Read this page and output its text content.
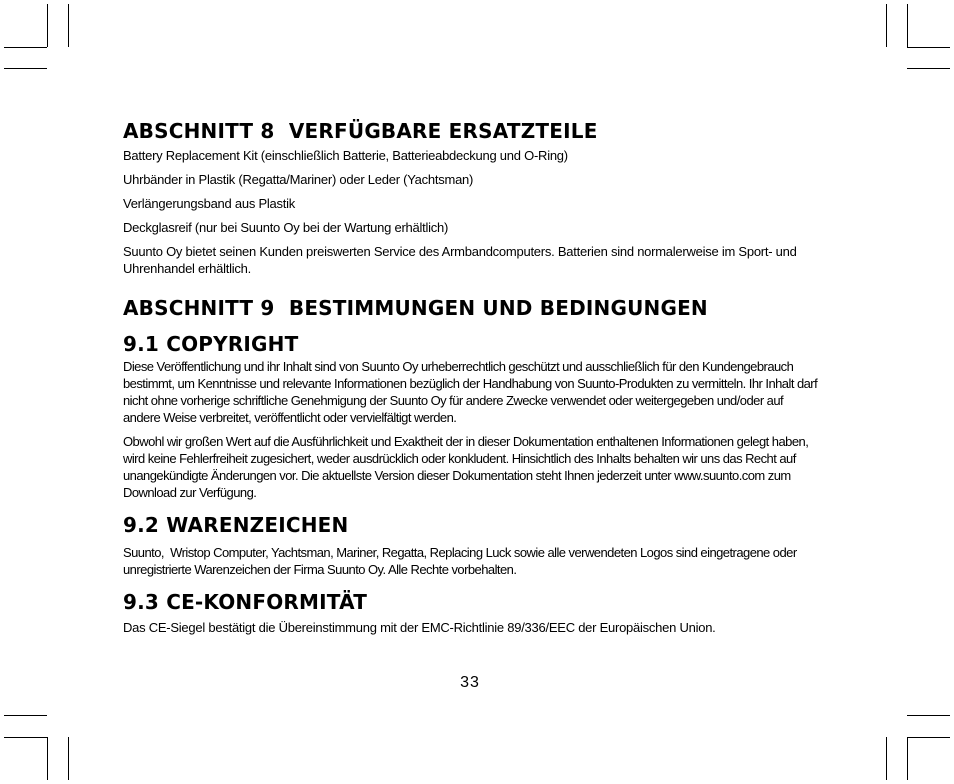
ABSCHNITT 8  VERFÜGBARE ERSATZTEILE

Battery Replacement Kit (einschließlich Batterie, Batterieabdeckung und O-Ring)

Uhrbänder in Plastik (Regatta/Mariner) oder Leder (Yachtsman)

Verlängerungsband aus Plastik

Deckglasreif (nur bei Suunto Oy bei der Wartung erhältlich)

Suunto Oy bietet seinen Kunden preiswerten Service des Armbandcomputers. Batterien sind normalerweise im Sport- und Uhrenhandel erhältlich.

ABSCHNITT 9  BESTIMMUNGEN UND BEDINGUNGEN
9.1 COPYRIGHT

Diese Veröffentlichung und ihr Inhalt sind von Suunto Oy urheberrechtlich geschützt und ausschließlich für den Kundengebrauch bestimmt, um Kenntnisse und relevante Informationen bezüglich der Handhabung von Suunto-Produkten zu vermitteln. Ihr Inhalt darf nicht ohne vorherige schriftliche Genehmigung der Suunto Oy für andere Zwecke verwendet oder weitergegeben und/oder auf andere Weise verbreitet, veröffentlicht oder vervielfältigt werden.

Obwohl wir großen Wert auf die Ausführlichkeit und Exaktheit der in dieser Dokumentation enthaltenen Informationen gelegt haben, wird keine Fehlerfreiheit zugesichert, weder ausdrücklich oder konkludent. Hinsichtlich des Inhalts behalten wir uns das Recht auf unangekündigte Änderungen vor. Die aktuellste Version dieser Dokumentation steht Ihnen jederzeit unter www.suunto.com zum Download zur Verfügung.

9.2 WARENZEICHEN

Suunto,  Wristop Computer, Yachtsman, Mariner, Regatta, Replacing Luck sowie alle verwendeten Logos sind eingetragene oder unregistrierte Warenzeichen der Firma Suunto Oy. Alle Rechte vorbehalten.

9.3 CE-KONFORMITÄT

Das CE-Siegel bestätigt die Übereinstimmung mit der EMC-Richtlinie 89/336/EEC der Europäischen Union.

33
